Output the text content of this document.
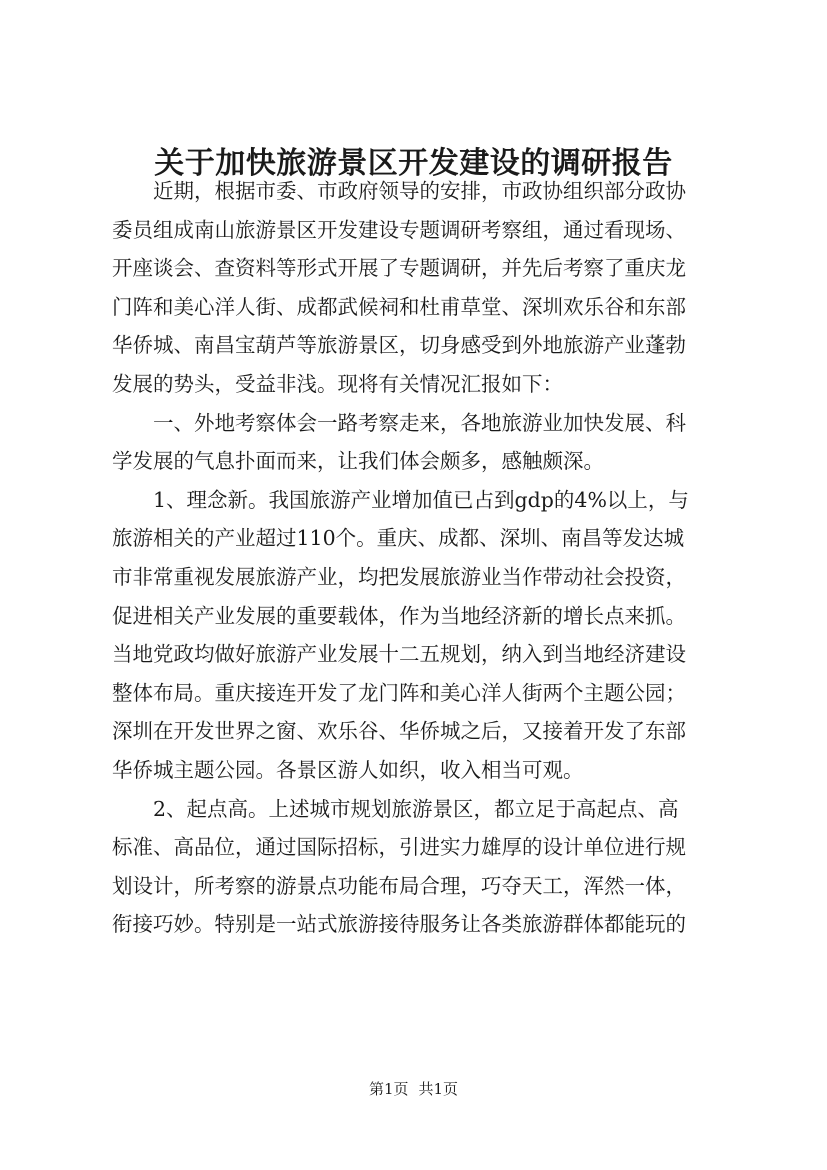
关于加快旅游景区开发建设的调研报告
近期，根据市委、市政府领导的安排，市政协组织部分政协
委员组成南山旅游景区开发建设专题调研考察组，通过看现场、
开座谈会、查资料等形式开展了专题调研，并先后考察了重庆龙
门阵和美心洋人街、成都武候祠和杜甫草堂、深圳欢乐谷和东部
华侨城、南昌宝葫芦等旅游景区，切身感受到外地旅游产业蓬勃
发展的势头，受益非浅。现将有关情况汇报如下：
一、外地考察体会一路考察走来，各地旅游业加快发展、科
学发展的气息扑面而来，让我们体会颇多，感触颇深。
1、理念新。我国旅游产业增加值已占到gdp的4%以上，与
旅游相关的产业超过110个。重庆、成都、深圳、南昌等发达城
市非常重视发展旅游产业，均把发展旅游业当作带动社会投资，
促进相关产业发展的重要载体，作为当地经济新的增长点来抓。
当地党政均做好旅游产业发展十二五规划，纳入到当地经济建设
整体布局。重庆接连开发了龙门阵和美心洋人街两个主题公园；
深圳在开发世界之窗、欢乐谷、华侨城之后，又接着开发了东部
华侨城主题公园。各景区游人如织，收入相当可观。
2、起点高。上述城市规划旅游景区，都立足于高起点、高
标准、高品位，通过国际招标，引进实力雄厚的设计单位进行规
划设计，所考察的游景点功能布局合理，巧夺天工，浑然一体，
衔接巧妙。特别是一站式旅游接待服务让各类旅游群体都能玩的
第1页 共1页
